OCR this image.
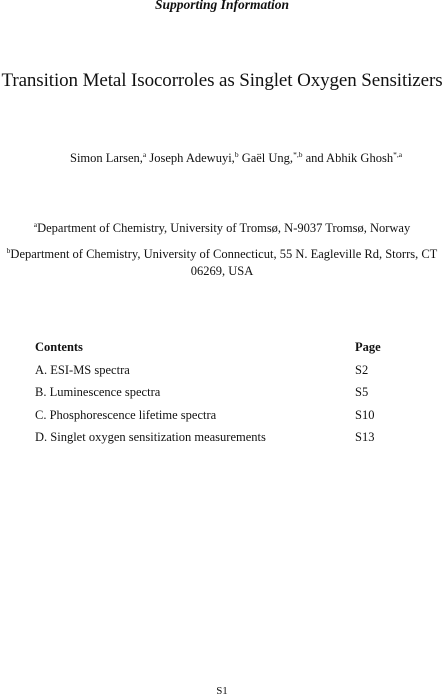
Supporting Information
Transition Metal Isocorroles as Singlet Oxygen Sensitizers
Simon Larsen,$^a$ Joseph Adewuyi,$^b$ Gaël Ung,$^{*,b}$ and Abhik Ghosh$^{*,a}$
$^a$Department of Chemistry, University of Tromsø, N-9037 Tromsø, Norway
$^b$Department of Chemistry, University of Connecticut, 55 N. Eagleville Rd, Storrs, CT 06269, USA
Contents	Page
A. ESI-MS spectra	S2
B. Luminescence spectra	S5
C. Phosphorescence lifetime spectra	S10
D. Singlet oxygen sensitization measurements	S13
S1
